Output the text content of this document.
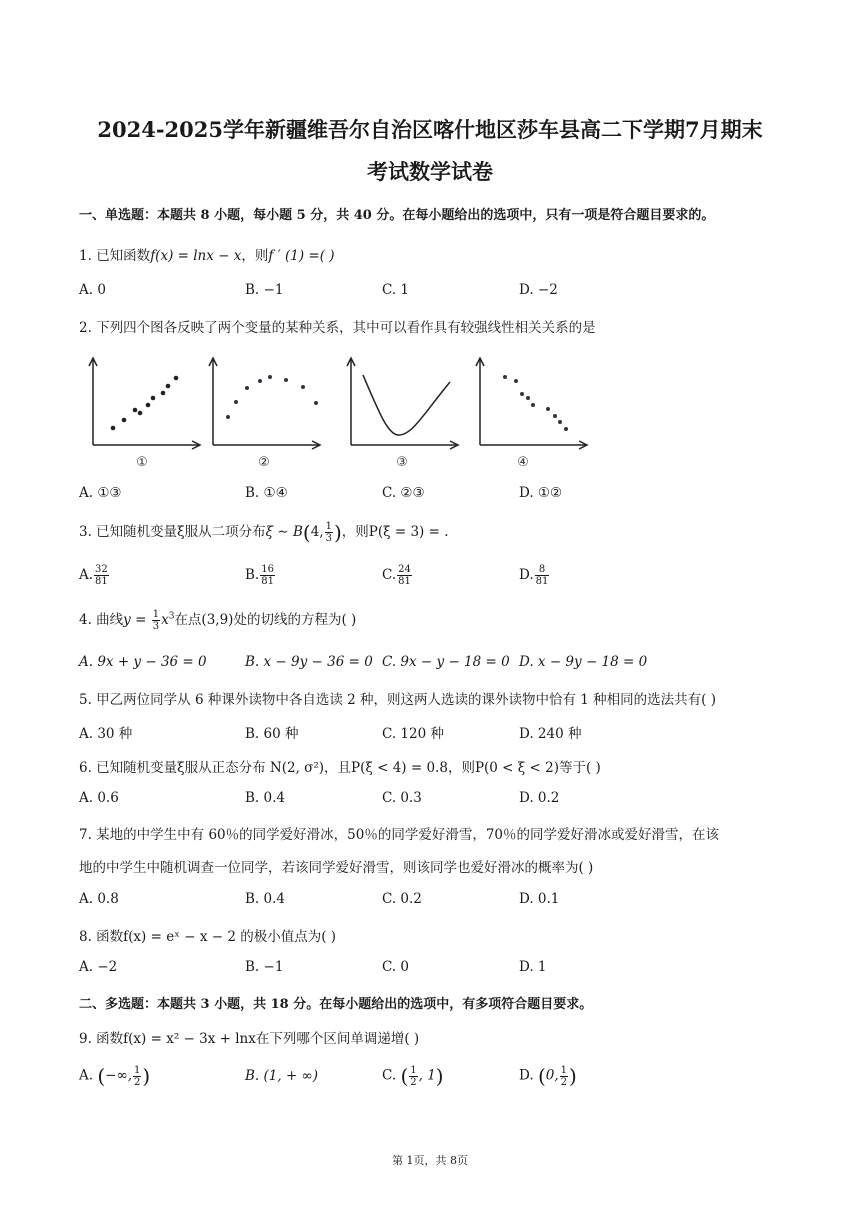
2024-2025学年新疆维吾尔自治区喀什地区莎车县高二下学期7月期末
考试数学试卷
一、单选题：本题共 8 小题，每小题 5 分，共 40 分。在每小题给出的选项中，只有一项是符合题目要求的。
1. 已知函数f(x) = lnx − x，则f ′ (1) =( )
A. 0	B. −1	C. 1	D. −2
2. 下列四个图各反映了两个变量的某种关系，其中可以看作具有较强线性相关关系的是
①	②	③	④
A. ①③	B. ①④	C. ②③	D. ①②
3. 已知随机变量ξ服从二项分布ξ ∼ B(4, $\frac{1}{3}$ )，则P(ξ = 3) = .
A. $\frac{32}{81}$	B. $\frac{16}{81}$	C. $\frac{24}{81}$	D. $\frac{8}{81}$
4. 曲线$y = \frac{1}{3} x^3$在点(3,9)处的切线的方程为( )
A. 9x + y − 36 = 0	B. x − 9y − 36 = 0 C. 9x − y − 18 = 0 D. x − 9y − 18 = 0
5. 甲乙两位同学从 6 种课外读物中各自选读 2 种，则这两人选读的课外读物中恰有 1 种相同的选法共有( )
A. 30 种	B. 60 种	C. 120 种	D. 240 种
6. 已知随机变量ξ服从正态分布 N(2, σ²)，且P(ξ < 4) = 0.8，则P(0 < ξ < 2)等于( )
A. 0.6	B. 0.4	C. 0.3	D. 0.2
7. 某地的中学生中有 60％的同学爱好滑冰，50％的同学爱好滑雪，70％的同学爱好滑冰或爱好滑雪，在该
地的中学生中随机调查一位同学，若该同学爱好滑雪，则该同学也爱好滑冰的概率为( )
A. 0.8	B. 0.4	C. 0.2	D. 0.1
8. 函数f(x) = eˣ − x − 2 的极小值点为( )
A. −2	B. −1	C. 0	D. 1
二、多选题：本题共 3 小题，共 18 分。在每小题给出的选项中，有多项符合题目要求。
9. 函数f(x) = x² − 3x + lnx在下列哪个区间单调递增( )
A. (−∞, $\frac{1}{2}$ )	B. (1, + ∞)	C. ( $\frac{1}{2}$ , 1)	D. (0, $\frac{1}{2}$ )
第 1页，共 8页
